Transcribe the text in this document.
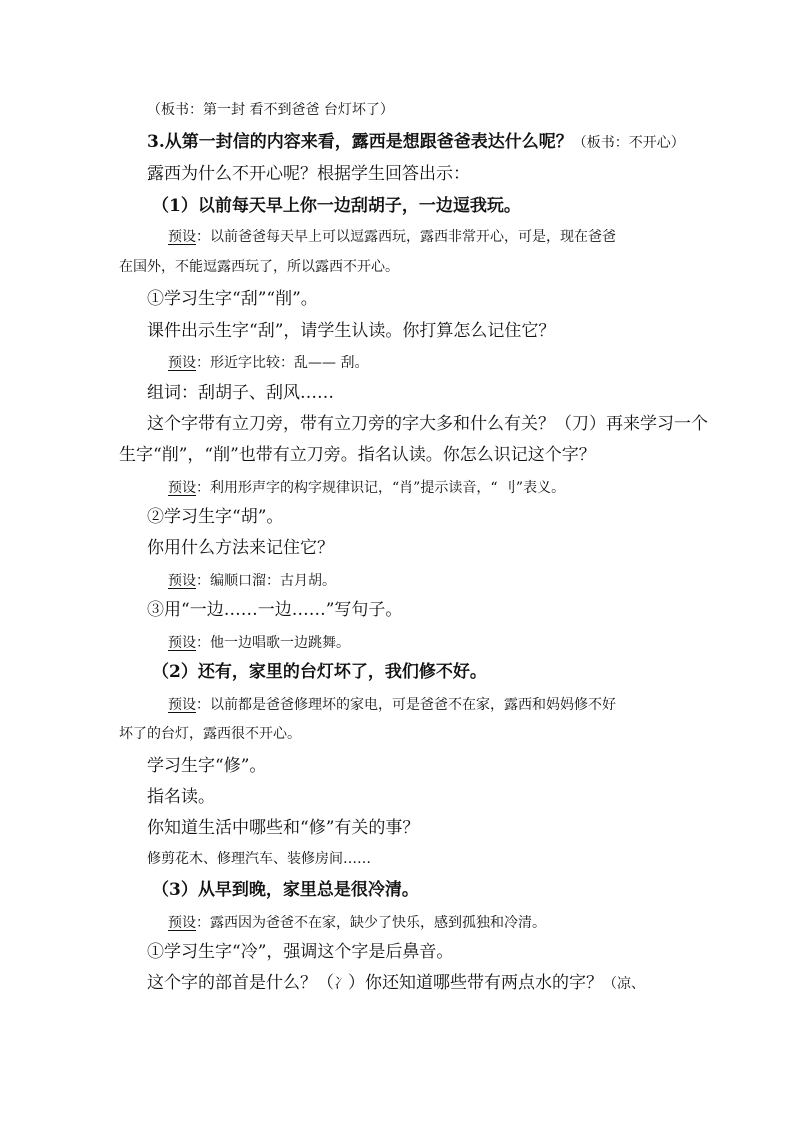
（板书：第一封 看不到爸爸 台灯坏了）
3.从第一封信的内容来看，露西是想跟爸爸表达什么呢？（板书：不开心）
露西为什么不开心呢？根据学生回答出示：
（1）以前每天早上你一边刮胡子，一边逗我玩。
预设：以前爸爸每天早上可以逗露西玩，露西非常开心，可是，现在爸爸
在国外，不能逗露西玩了，所以露西不开心。
①学习生字“刮”“削”。
课件出示生字“刮”，请学生认读。你打算怎么记住它？
预设：形近字比较：乱—— 刮。
组词：刮胡子、刮风……
这个字带有立刀旁，带有立刀旁的字大多和什么有关？（刀）再来学习一个
生字“削”，“削”也带有立刀旁。指名认读。你怎么识记这个字？
预设：利用形声字的构字规律识记，“肖”提示读音，“ 刂”表义。
②学习生字“胡”。
你用什么方法来记住它？
预设：编顺口溜：古月胡。
③用“一边……一边……”写句子。
预设：他一边唱歌一边跳舞。
（2）还有，家里的台灯坏了，我们修不好。
预设：以前都是爸爸修理坏的家电，可是爸爸不在家，露西和妈妈修不好
坏了的台灯，露西很不开心。
学习生字“修”。
指名读。
你知道生活中哪些和“修”有关的事？
修剪花木、修理汽车、装修房间……
（3）从早到晚，家里总是很冷清。
预设：露西因为爸爸不在家，缺少了快乐，感到孤独和冷清。
①学习生字“冷”，强调这个字是后鼻音。
这个字的部首是什么？（冫）你还知道哪些带有两点水的字？（凉、
